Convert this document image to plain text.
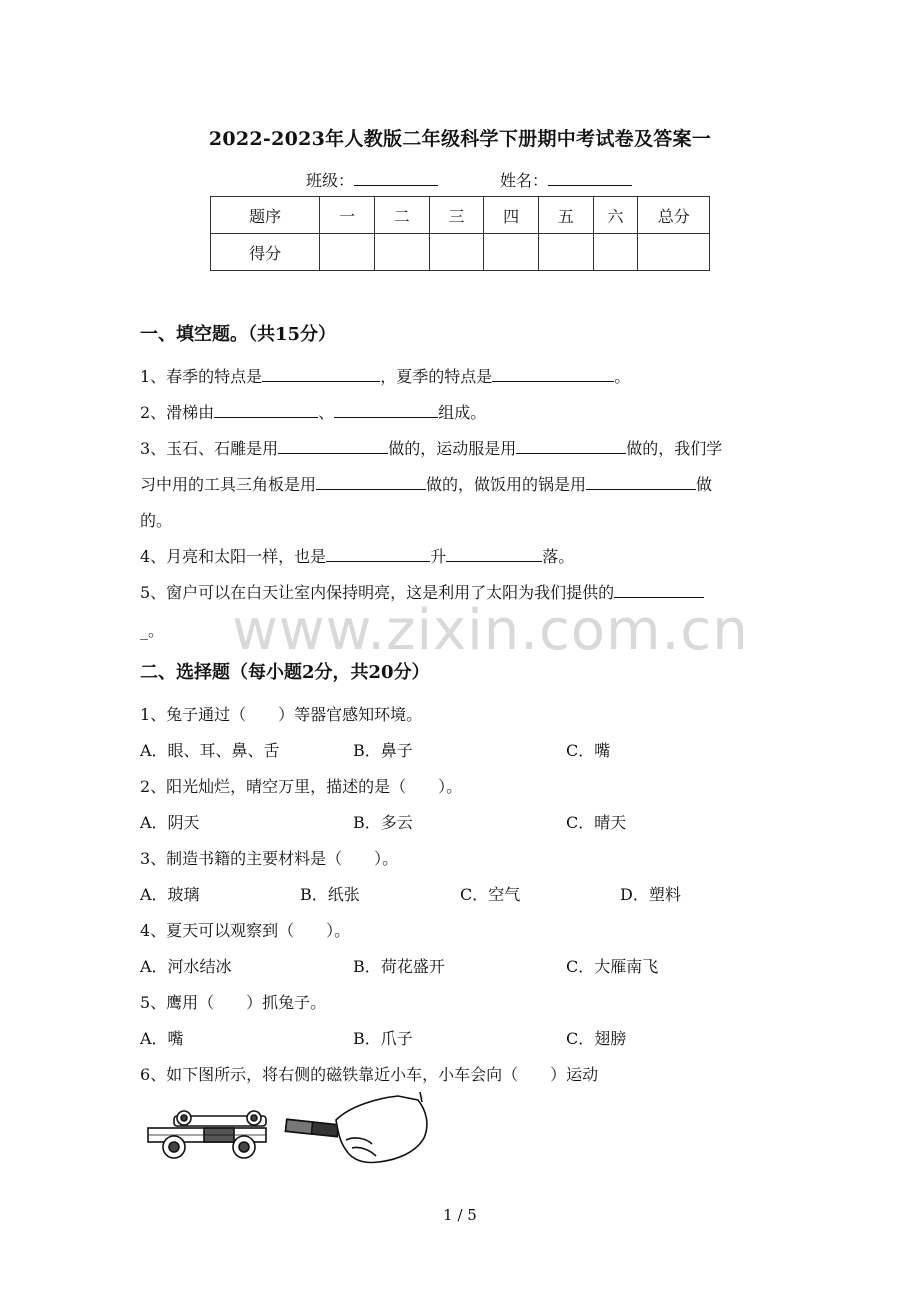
2022-2023年人教版二年级科学下册期中考试卷及答案一
班级：	姓名：
题序	一	二	三	四	五	六	总分
得分							
一、填空题。（共15分）
1、春季的特点是	，夏季的特点是	。
2、滑梯由	、	组成。
3、玉石、石雕是用	做的，运动服是用	做的，我们学
习中用的工具三角板是用	做的，做饭用的锅是用	做
的。
4、月亮和太阳一样，也是	升	落。
5、窗户可以在白天让室内保持明亮，这是利用了太阳为我们提供的
_。 www.zixin.com.cn
二、选择题（每小题2分，共20分）
1、兔子通过（　　）等器官感知环境。
A．眼、耳、鼻、舌	B．鼻子	C．嘴
2、阳光灿烂，晴空万里，描述的是（　　）。
A．阴天	B．多云	C．晴天
3、制造书籍的主要材料是（　　）。
A．玻璃	B．纸张	C．空气	D．塑料
4、夏天可以观察到（　　）。
A．河水结冰	B．荷花盛开	C．大雁南飞
5、鹰用（　　）抓兔子。
A．嘴	B．爪子	C．翅膀
6、如下图所示，将右侧的磁铁靠近小车，小车会向（　　）运动
1 / 5
